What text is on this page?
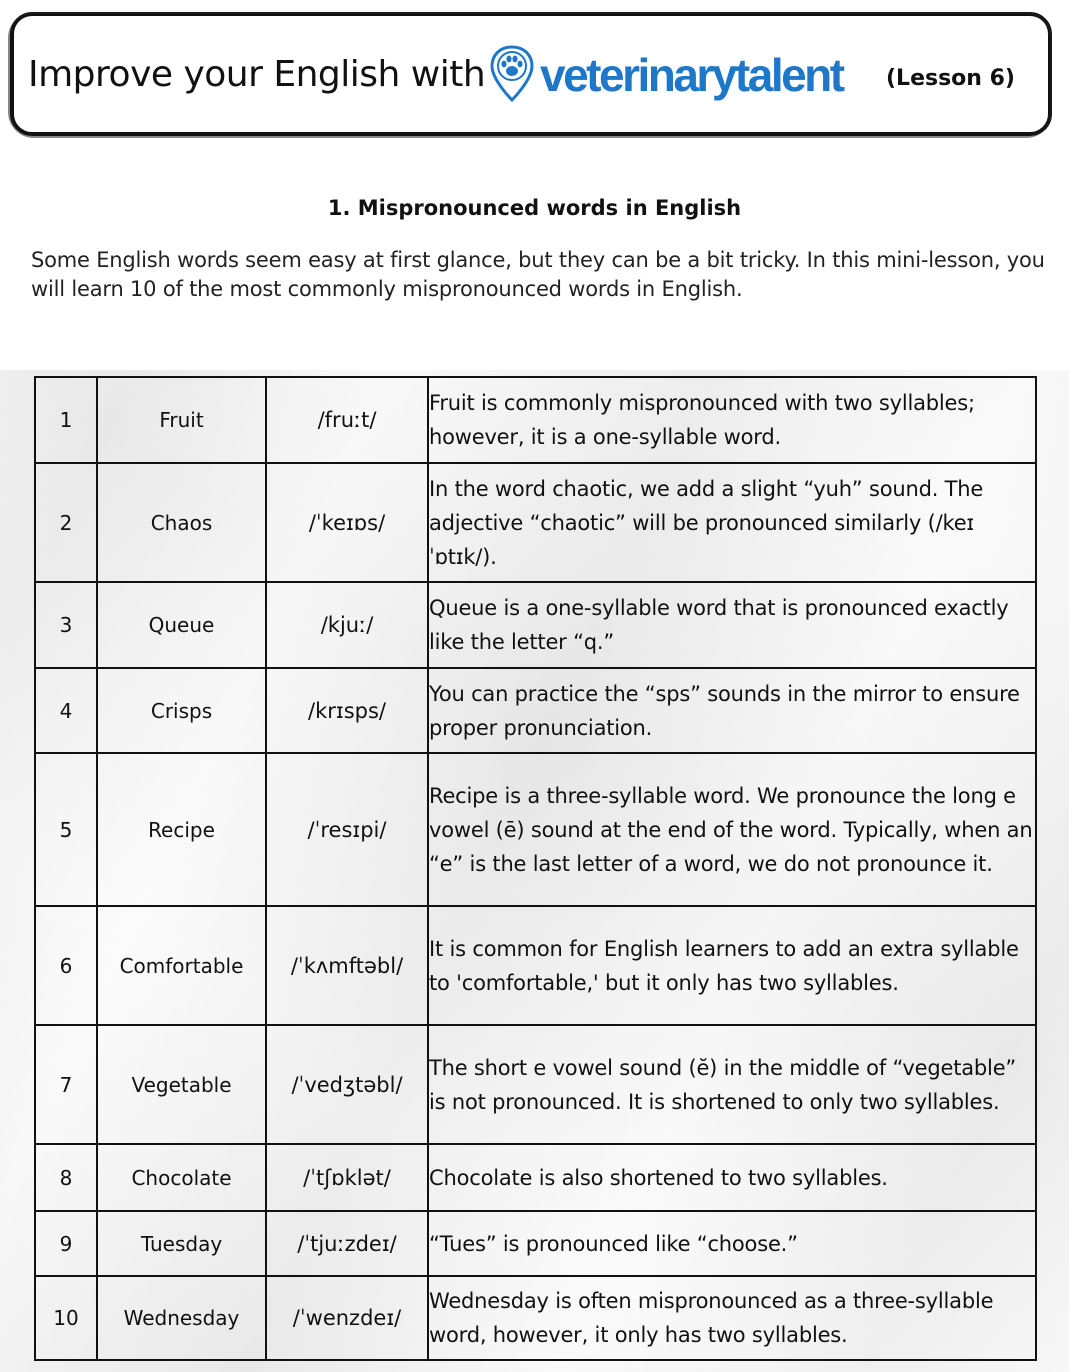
Improve your English with veterinarytalent (Lesson 6)
1. Mispronounced words in English
Some English words seem easy at first glance, but they can be a bit tricky. In this mini-lesson, you will learn 10 of the most commonly mispronounced words in English.
1	Fruit	/fruːt/	Fruit is commonly mispronounced with two syllables; however, it is a one-syllable word.
2	Chaos	/ˈkeɪɒs/	In the word chaotic, we add a slight “yuh” sound. The adjective “chaotic” will be pronounced similarly (/keɪˈɒtɪk/).
3	Queue	/kjuː/	Queue is a one-syllable word that is pronounced exactly like the letter “q.”
4	Crisps	/krɪsps/	You can practice the “sps” sounds in the mirror to ensure proper pronunciation.
5	Recipe	/ˈresɪpi/	Recipe is a three-syllable word. We pronounce the long e vowel (ē) sound at the end of the word. Typically, when an “e” is the last letter of a word, we do not pronounce it.
6	Comfortable	/ˈkʌmftəbl/	It is common for English learners to add an extra syllable to 'comfortable,' but it only has two syllables.
7	Vegetable	/ˈvedʒtəbl/	The short e vowel sound (ĕ) in the middle of “vegetable” is not pronounced. It is shortened to only two syllables.
8	Chocolate	/ˈtʃɒklət/	Chocolate is also shortened to two syllables.
9	Tuesday	/ˈtjuːzdeɪ/	“Tues” is pronounced like “choose.”
10	Wednesday	/ˈwenzdeɪ/	Wednesday is often mispronounced as a three-syllable word, however, it only has two syllables.
